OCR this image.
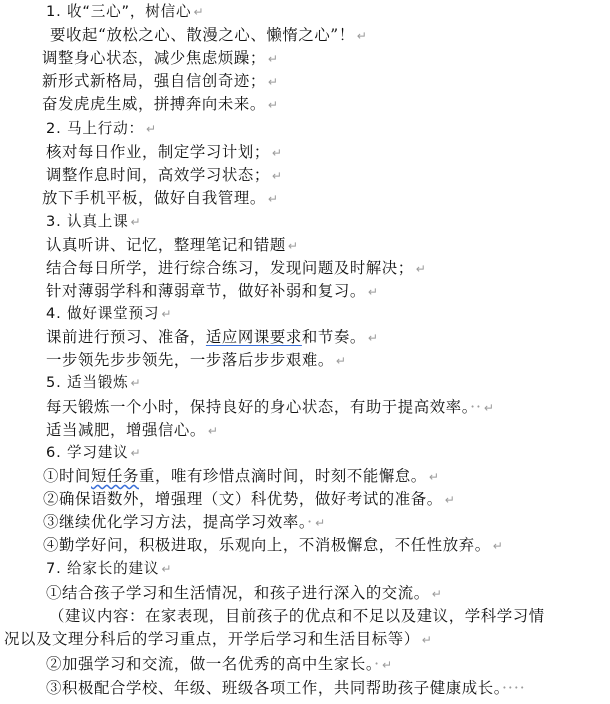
1. 收“三心”，树信心 ↵
要收起“放松之心、散漫之心、懒惰之心”！ ↵
调整身心状态，减少焦虑烦躁； ↵
新形式新格局，强自信创奇迹； ↵
奋发虎虎生威，拼搏奔向未来。 ↵
2. 马上行动： ↵
核对每日作业，制定学习计划； ↵
调整作息时间，高效学习状态； ↵
放下手机平板，做好自我管理。 ↵
3. 认真上课 ↵
认真听讲、记忆，整理笔记和错题 ↵
结合每日所学，进行综合练习，发现问题及时解决； ↵
针对薄弱学科和薄弱章节，做好补弱和复习。 ↵
4. 做好课堂预习 ↵
课前进行预习、准备，适应网课要求和节奏。 ↵
一步领先步步领先，一步落后步步艰难。 ↵
5. 适当锻炼 ↵
每天锻炼一个小时，保持良好的身心状态，有助于提高效率。·· ↵
适当减肥，增强信心。 ↵
6. 学习建议 ↵
①时间短任务重，唯有珍惜点滴时间，时刻不能懈怠。 ↵
②确保语数外，增强理（文）科优势，做好考试的准备。 ↵
③继续优化学习方法，提高学习效率。· ↵
④勤学好问，积极进取，乐观向上，不消极懈怠，不任性放弃。 ↵
7. 给家长的建议 ↵
①结合孩子学习和生活情况，和孩子进行深入的交流。 ↵
（建议内容：在家表现，目前孩子的优点和不足以及建议，学科学习情
况以及文理分科后的学习重点，开学后学习和生活目标等） ↵
②加强学习和交流，做一名优秀的高中生家长。· ↵
③积极配合学校、年级、班级各项工作，共同帮助孩子健康成长。····
